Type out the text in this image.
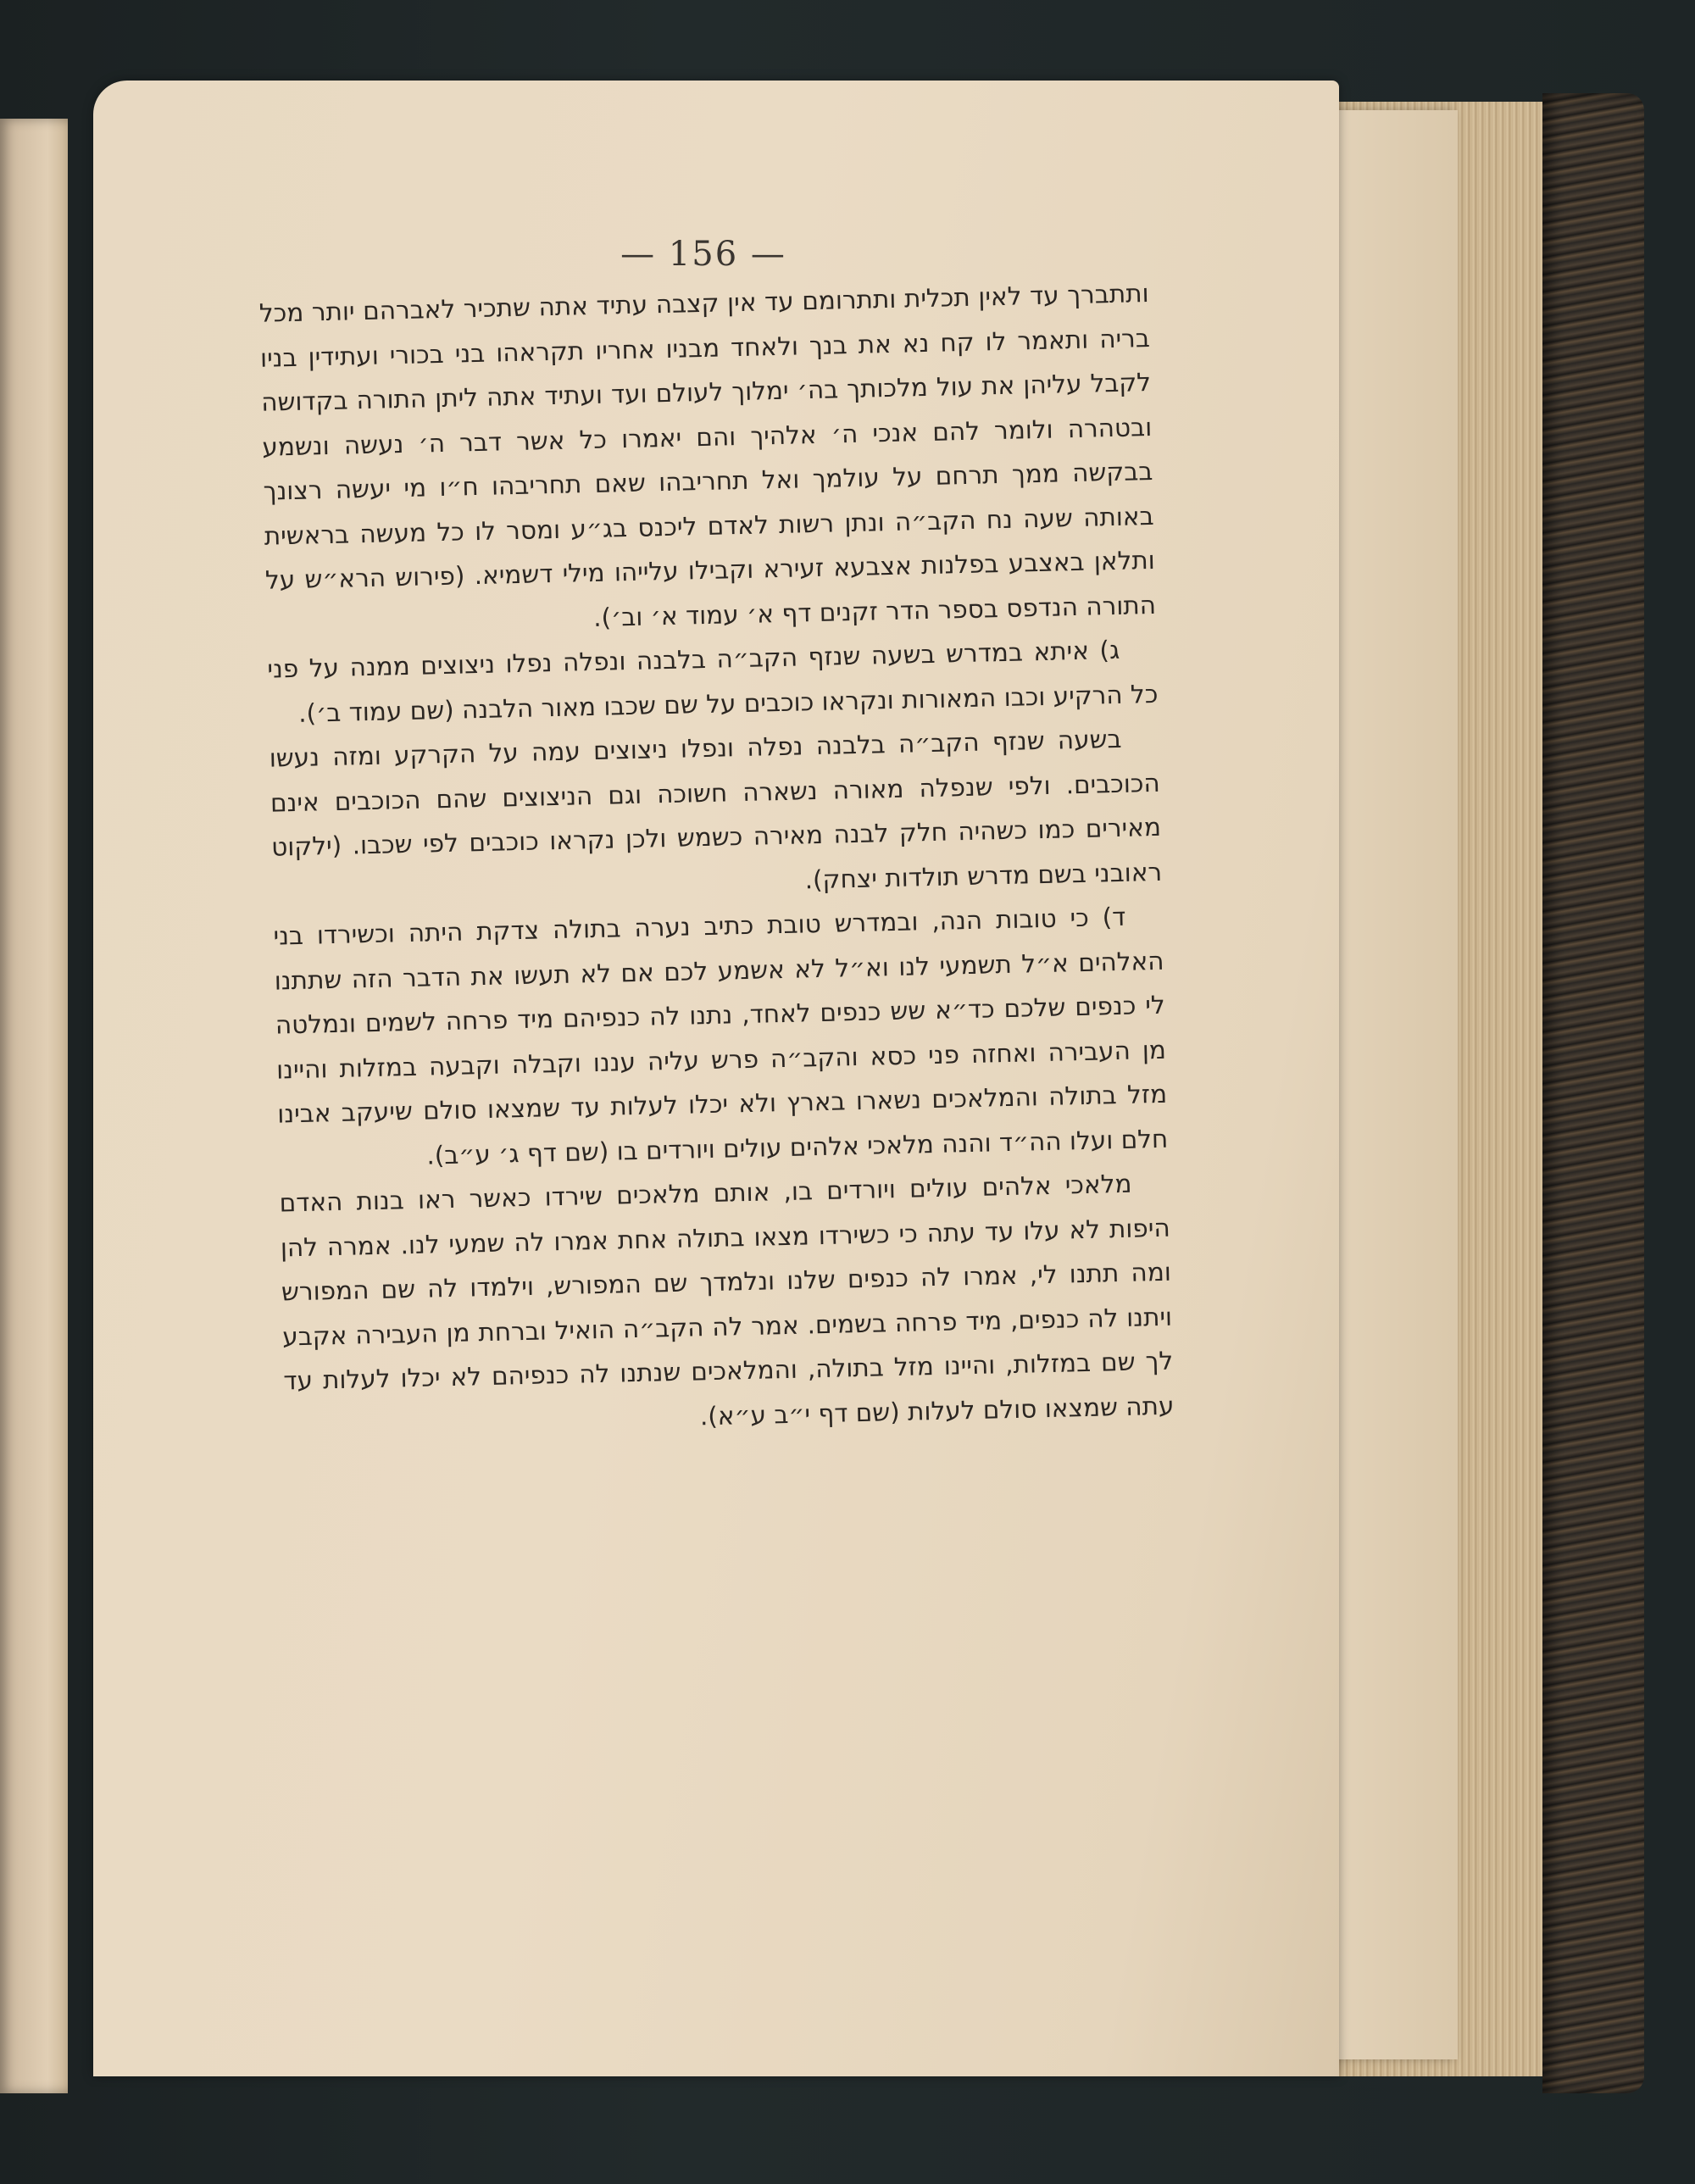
— 156 —

ותתברך עד לאין תכלית ותתרומם עד אין קצבה עתיד אתה שתכיר לאברהם יותר מכל בריה ותאמר לו קח נא את בנך ולאחד מבניו אחריו תקראהו בני בכורי ועתידין בניו לקבל עליהן את עול מלכותך בה׳ ימלוך לעולם ועד ועתיד אתה ליתן התורה בקדושה ובטהרה ולומר להם אנכי ה׳ אלהיך והם יאמרו כל אשר דבר ה׳ נעשה ונשמע בבקשה ממך תרחם על עולמך ואל תחריבהו שאם תחריבהו ח״ו מי יעשה רצונך באותה שעה נח הקב״ה ונתן רשות לאדם ליכנס בג״ע ומסר לו כל מעשה בראשית ותלאן באצבע בפלנות אצבעא זעירא וקבילו עלייהו מילי דשמיא. (פירוש הרא״ש על התורה הנדפס בספר הדר זקנים דף א׳ עמוד א׳ וב׳).

ג) איתא במדרש בשעה שנזף הקב״ה בלבנה ונפלה נפלו ניצוצים ממנה על פני כל הרקיע וכבו המאורות ונקראו כוכבים על שם שכבו מאור הלבנה (שם עמוד ב׳).

בשעה שנזף הקב״ה בלבנה נפלה ונפלו ניצוצים עמה על הקרקע ומזה נעשו הכוכבים. ולפי שנפלה מאורה נשארה חשוכה וגם הניצוצים שהם הכוכבים אינם מאירים כמו כשהיה חלק לבנה מאירה כשמש ולכן נקראו כוכבים לפי שכבו. (ילקוט ראובני בשם מדרש תולדות יצחק).

ד) כי טובות הנה, ובמדרש טובת כתיב נערה בתולה צדקת היתה וכשירדו בני האלהים א״ל תשמעי לנו וא״ל לא אשמע לכם אם לא תעשו את הדבר הזה שתתנו לי כנפים שלכם כד״א שש כנפים לאחד, נתנו לה כנפיהם מיד פרחה לשמים ונמלטה מן העבירה ואחזה פני כסא והקב״ה פרש עליה עננו וקבלה וקבעה במזלות והיינו מזל בתולה והמלאכים נשארו בארץ ולא יכלו לעלות עד שמצאו סולם שיעקב אבינו חלם ועלו הה״ד והנה מלאכי אלהים עולים ויורדים בו (שם דף ג׳ ע״ב).

מלאכי אלהים עולים ויורדים בו, אותם מלאכים שירדו כאשר ראו בנות האדם היפות לא עלו עד עתה כי כשירדו מצאו בתולה אחת אמרו לה שמעי לנו. אמרה להן ומה תתנו לי, אמרו לה כנפים שלנו ונלמדך שם המפורש, וילמדו לה שם המפורש ויתנו לה כנפים, מיד פרחה בשמים. אמר לה הקב״ה הואיל וברחת מן העבירה אקבע לך שם במזלות, והיינו מזל בתולה, והמלאכים שנתנו לה כנפיהם לא יכלו לעלות עד עתה שמצאו סולם לעלות (שם דף י״ב ע״א).
